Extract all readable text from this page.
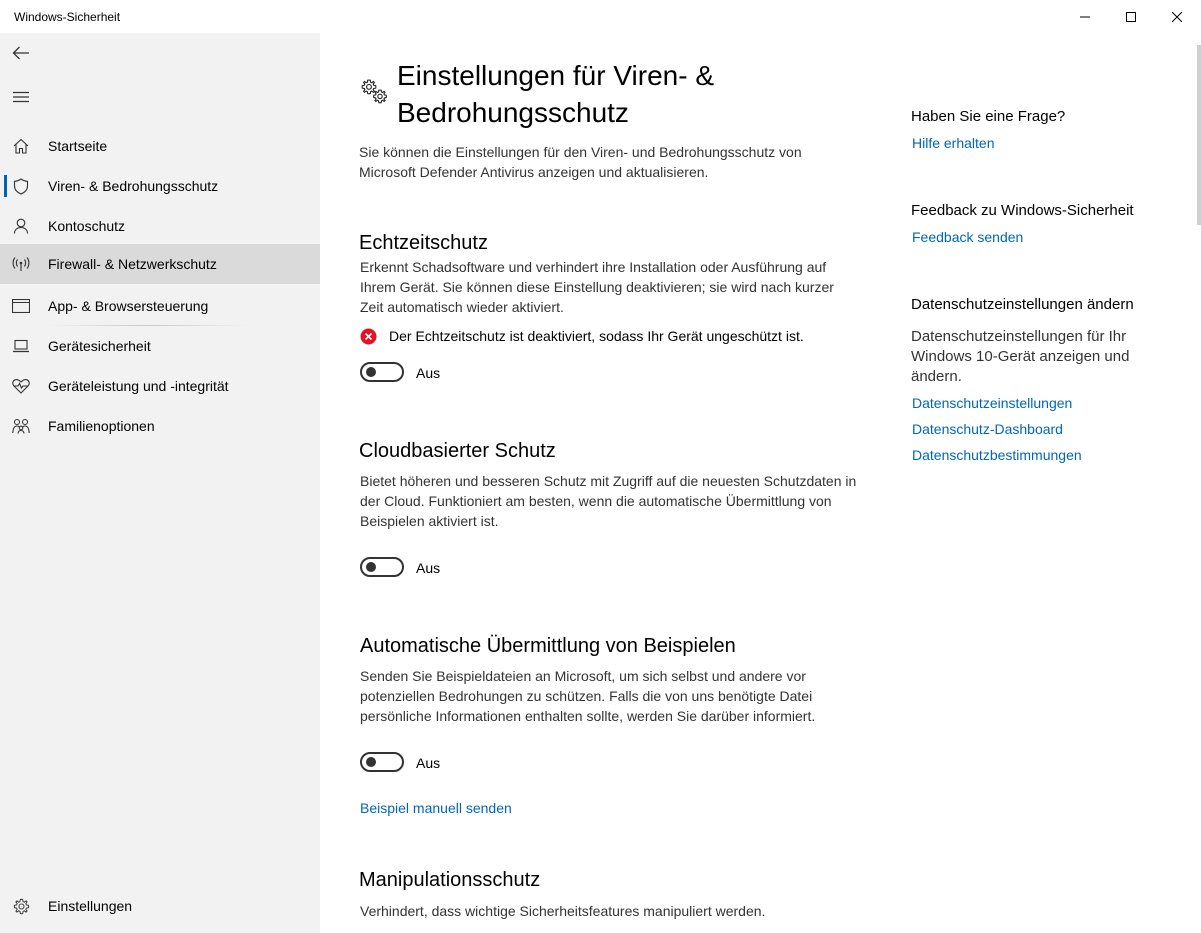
Windows-Sicherheit
Startseite
Viren- & Bedrohungsschutz
Kontoschutz
Firewall- & Netzwerkschutz
App- & Browsersteuerung
Gerätesicherheit
Geräteleistung und -integrität
Familienoptionen
Einstellungen
Einstellungen für Viren- & Bedrohungsschutz

Sie können die Einstellungen für den Viren- und Bedrohungsschutz von Microsoft Defender Antivirus anzeigen und aktualisieren.

Echtzeitschutz

Erkennt Schadsoftware und verhindert ihre Installation oder Ausführung auf Ihrem Gerät. Sie können diese Einstellung deaktivieren; sie wird nach kurzer Zeit automatisch wieder aktiviert.

Der Echtzeitschutz ist deaktiviert, sodass Ihr Gerät ungeschützt ist.
Aus
Cloudbasierter Schutz

Bietet höheren und besseren Schutz mit Zugriff auf die neuesten Schutzdaten in der Cloud. Funktioniert am besten, wenn die automatische Übermittlung von Beispielen aktiviert ist.

Aus
Automatische Übermittlung von Beispielen

Senden Sie Beispieldateien an Microsoft, um sich selbst und andere vor potenziellen Bedrohungen zu schützen. Falls die von uns benötigte Datei persönliche Informationen enthalten sollte, werden Sie darüber informiert.

Aus
Beispiel manuell senden
Manipulationsschutz

Verhindert, dass wichtige Sicherheitsfeatures manipuliert werden.

Haben Sie eine Frage?
Hilfe erhalten
Feedback zu Windows-Sicherheit
Feedback senden
Datenschutzeinstellungen ändern

Datenschutzeinstellungen für Ihr Windows 10-Gerät anzeigen und ändern.

Datenschutzeinstellungen
Datenschutz-Dashboard
Datenschutzbestimmungen
